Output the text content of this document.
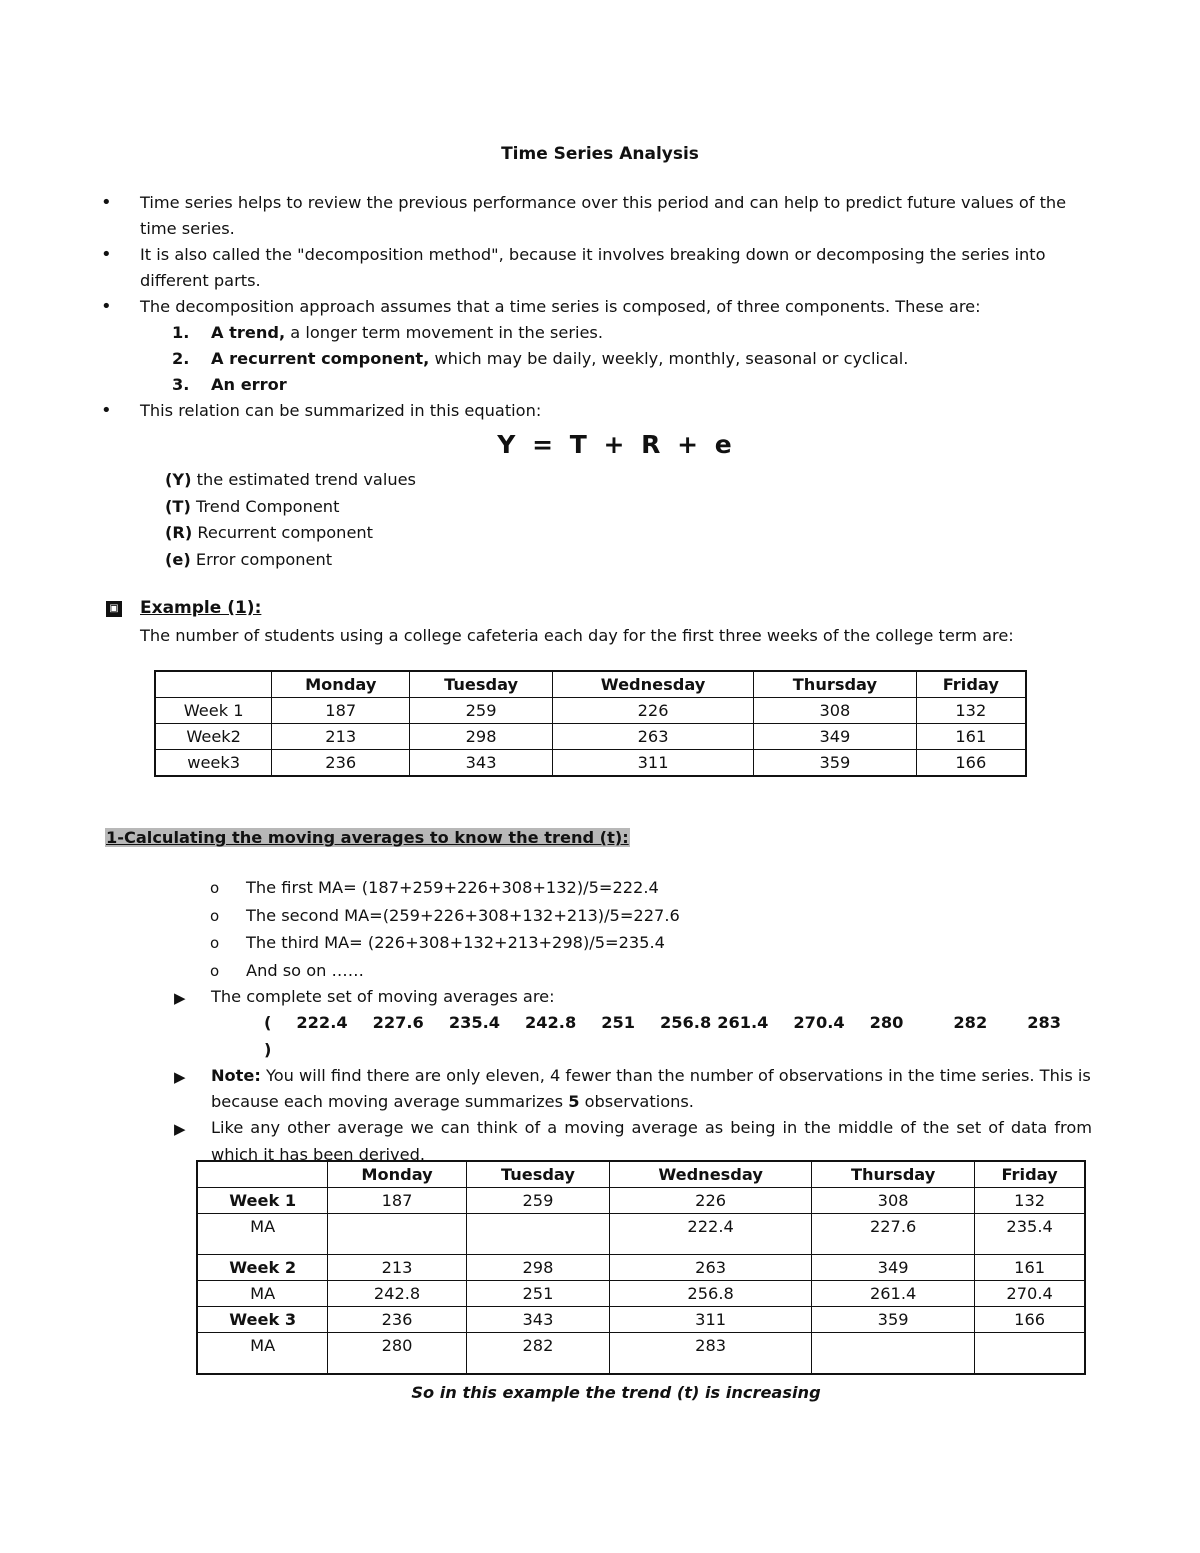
Time Series Analysis
• Time series helps to review the previous performance over this period and can help to predict future values of the time series.
• It is also called the "decomposition method", because it involves breaking down or decomposing the series into different parts.
• The decomposition approach assumes that a time series is composed, of three components. These are:
1. A trend, a longer term movement in the series.
2. A recurrent component, which may be daily, weekly, monthly, seasonal or cyclical.
3. An error
• This relation can be summarized in this equation:
Y = T + R + e
(Y) the estimated trend values
(T) Trend Component
(R) Recurrent component
(e) Error component
▣ Example (1):
The number of students using a college cafeteria each day for the first three weeks of the college term are:
	Monday	Tuesday	Wednesday	Thursday	Friday
Week 1	187	259	226	308	132
Week2	213	298	263	349	161
week3	236	343	311	359	166
1-Calculating the moving averages to know the trend (t):
o The first MA= (187+259+226+308+132)/5=222.4
o The second MA=(259+226+308+132+213)/5=227.6
o The third MA= (226+308+132+213+298)/5=235.4
o And so on ……
▶ The complete set of moving averages are:
( 222.4 227.6 235.4 242.8 251 256.8 261.4 270.4 280	282 283)
▶ Note: You will find there are only eleven, 4 fewer than the number of observations in the time series. This is because each moving average summarizes 5 observations.
▶ Like any other average we can think of a moving average as being in the middle of the set of data from which it has been derived.
	Monday	Tuesday	Wednesday	Thursday	Friday
Week 1	187	259	226	308	132
MA			222.4	227.6	235.4
Week 2	213	298	263	349	161
MA	242.8	251	256.8	261.4	270.4
Week 3	236	343	311	359	166
MA	280	282	283		
So in this example the trend (t) is increasing
